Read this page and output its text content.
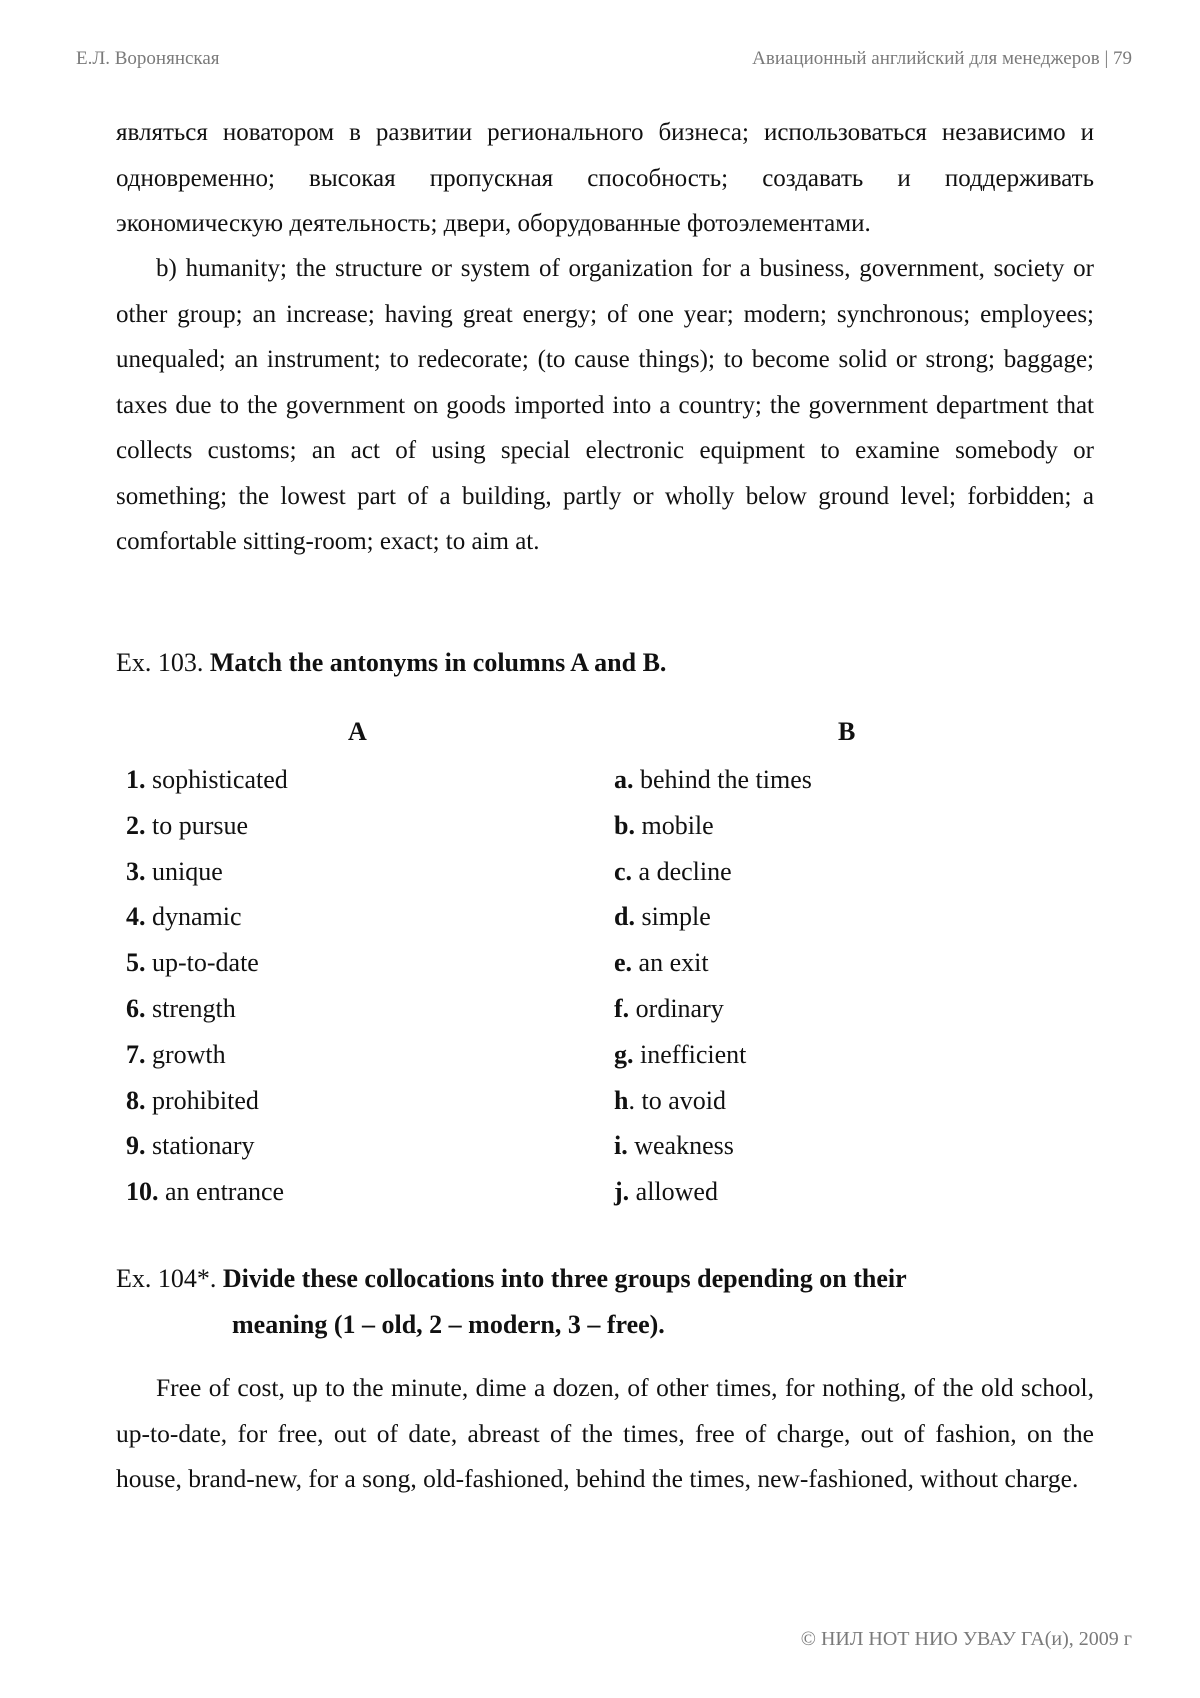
Е.Л. Воронянская	Авиационный английский для менеджеров | 79

являться новатором в развитии регионального бизнеса; использоваться независимо и одновременно; высокая пропускная способность; создавать и поддерживать экономическую деятельность; двери, оборудованные фотоэлементами.

b) humanity; the structure or system of organization for a business, government, society or other group; an increase; having great energy; of one year; modern; synchronous; employees; unequaled; an instrument; to redecorate; (to cause things); to become solid or strong; baggage; taxes due to the government on goods imported into a country; the government department that collects customs; an act of using special electronic equipment to examine somebody or something; the lowest part of a building, partly or wholly below ground level; forbidden; a comfortable sitting-room; exact; to aim at.

Ex. 103. Match the antonyms in columns A and B.

A	B
1. sophisticated
2. to pursue
3. unique
4. dynamic
5. up-to-date
6. strength
7. growth
8. prohibited
9. stationary
10. an entrance
a. behind the times
b. mobile
c. a decline
d. simple
e. an exit
f. ordinary
g. inefficient
h. to avoid
i. weakness
j. allowed

Ex. 104*. Divide these collocations into three groups depending on their
meaning (1 – old, 2 – modern, 3 – free).

Free of cost, up to the minute, dime a dozen, of other times, for nothing, of the old school, up-to-date, for free, out of date, abreast of the times, free of charge, out of fashion, on the house, brand-new, for a song, old-fashioned, behind the times, new-fashioned, without charge.

© НИЛ НОТ НИО УВАУ ГА(и), 2009 г
